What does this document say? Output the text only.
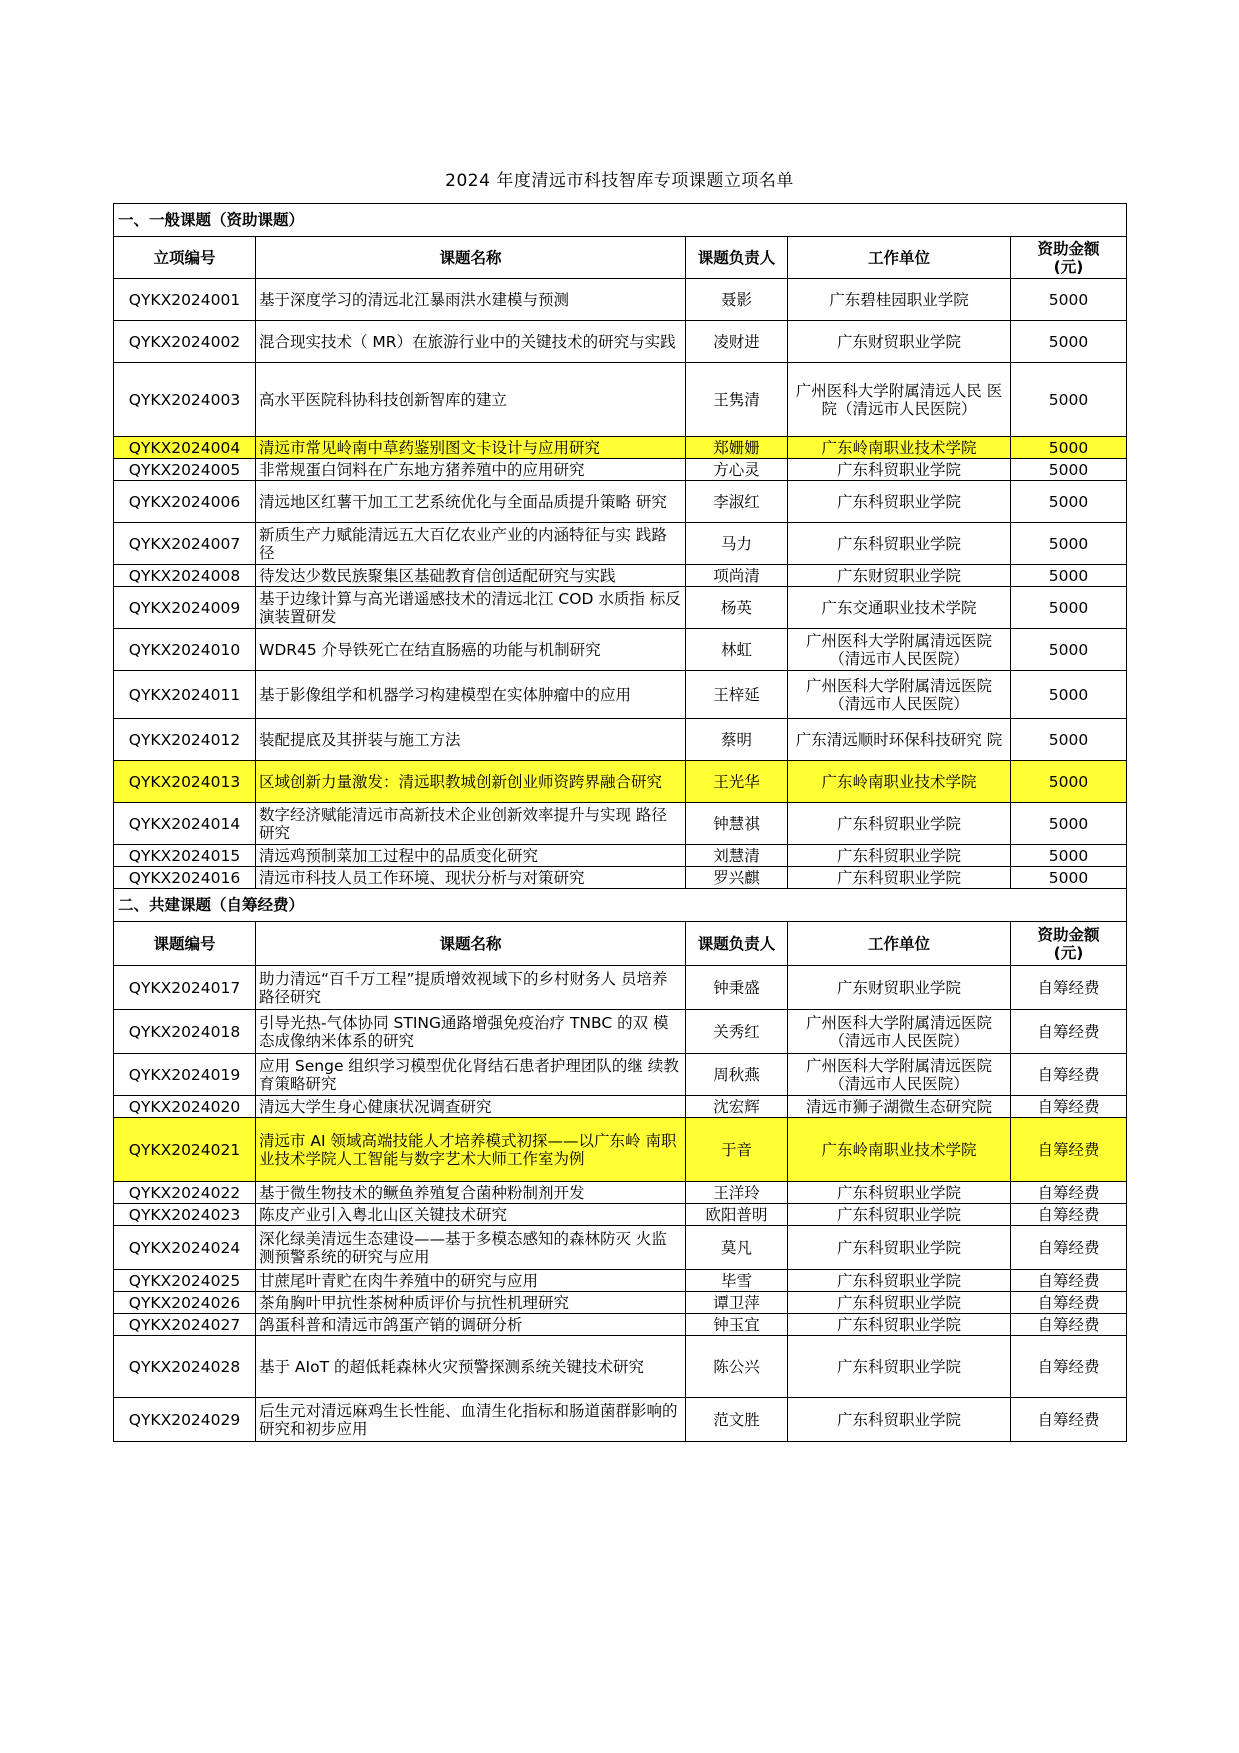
2024 年度清远市科技智库专项课题立项名单
一、一般课题（资助课题）				
立项编号	课题名称	课题负责人	工作单位	资助金额
(元)
QYKX2024001	基于深度学习的清远北江暴雨洪水建模与预测	聂影	广东碧桂园职业学院	5000
QYKX2024002	混合现实技术（ MR）在旅游行业中的关键技术的研究与实践	凌财进	广东财贸职业学院	5000
QYKX2024003	高水平医院科协科技创新智库的建立	王隽清	广州医科大学附属清远人民 医院（清远市人民医院）	5000
QYKX2024004	清远市常见岭南中草药鉴别图文卡设计与应用研究	郑姗姗	广东岭南职业技术学院	5000
QYKX2024005	非常规蛋白饲料在广东地方猪养殖中的应用研究	方心灵	广东科贸职业学院	5000
QYKX2024006	清远地区红薯干加工工艺系统优化与全面品质提升策略 研究	李淑红	广东科贸职业学院	5000
QYKX2024007	新质生产力赋能清远五大百亿农业产业的内涵特征与实 践路径	马力	广东科贸职业学院	5000
QYKX2024008	待发达少数民族聚集区基础教育信创适配研究与实践	项尚清	广东财贸职业学院	5000
QYKX2024009	基于边缘计算与高光谱遥感技术的清远北江 COD 水质指 标反演装置研发	杨英	广东交通职业技术学院	5000
QYKX2024010	WDR45 介导铁死亡在结直肠癌的功能与机制研究	林虹	广州医科大学附属清远医院（清远市人民医院）	5000
QYKX2024011	基于影像组学和机器学习构建模型在实体肿瘤中的应用	王梓延	广州医科大学附属清远医院（清远市人民医院）	5000
QYKX2024012	装配提底及其拼装与施工方法	蔡明	广东清远顺时环保科技研究 院	5000
QYKX2024013	区域创新力量激发：清远职教城创新创业师资跨界融合研究	王光华	广东岭南职业技术学院	5000
QYKX2024014	数字经济赋能清远市高新技术企业创新效率提升与实现 路径研究	钟慧祺	广东科贸职业学院	5000
QYKX2024015	清远鸡预制菜加工过程中的品质变化研究	刘慧清	广东科贸职业学院	5000
QYKX2024016	清远市科技人员工作环境、现状分析与对策研究	罗兴麒	广东科贸职业学院	5000
二、共建课题（自筹经费）				
课题编号	课题名称	课题负责人	工作单位	资助金额
(元)
QYKX2024017	助力清远“百千万工程”提质增效视域下的乡村财务人 员培养路径研究	钟秉盛	广东财贸职业学院	自筹经费
QYKX2024018	引导光热-气体协同 STING通路增强免疫治疗 TNBC 的双 模态成像纳米体系的研究	关秀红	广州医科大学附属清远医院（清远市人民医院）	自筹经费
QYKX2024019	应用 Senge 组织学习模型优化肾结石患者护理团队的继 续教育策略研究	周秋燕	广州医科大学附属清远医院（清远市人民医院）	自筹经费
QYKX2024020	清远大学生身心健康状况调查研究	沈宏辉	清远市狮子湖微生态研究院	自筹经费
QYKX2024021	清远市 AI 领域高端技能人才培养模式初探——以广东岭 南职业技术学院人工智能与数字艺术大师工作室为例	于音	广东岭南职业技术学院	自筹经费
QYKX2024022	基于微生物技术的鳜鱼养殖复合菌种粉制剂开发	王洋玲	广东科贸职业学院	自筹经费
QYKX2024023	陈皮产业引入粤北山区关键技术研究	欧阳普明	广东科贸职业学院	自筹经费
QYKX2024024	深化绿美清远生态建设——基于多模态感知的森林防灭 火监测预警系统的研究与应用	莫凡	广东科贸职业学院	自筹经费
QYKX2024025	甘蔗尾叶青贮在肉牛养殖中的研究与应用	毕雪	广东科贸职业学院	自筹经费
QYKX2024026	茶角胸叶甲抗性茶树种质评价与抗性机理研究	谭卫萍	广东科贸职业学院	自筹经费
QYKX2024027	鸽蛋科普和清远市鸽蛋产销的调研分析	钟玉宜	广东科贸职业学院	自筹经费
QYKX2024028	基于 AIoT 的超低耗森林火灾预警探测系统关键技术研究	陈公兴	广东科贸职业学院	自筹经费
QYKX2024029	后生元对清远麻鸡生长性能、血清生化指标和肠道菌群影响的研究和初步应用	范文胜	广东科贸职业学院	自筹经费
